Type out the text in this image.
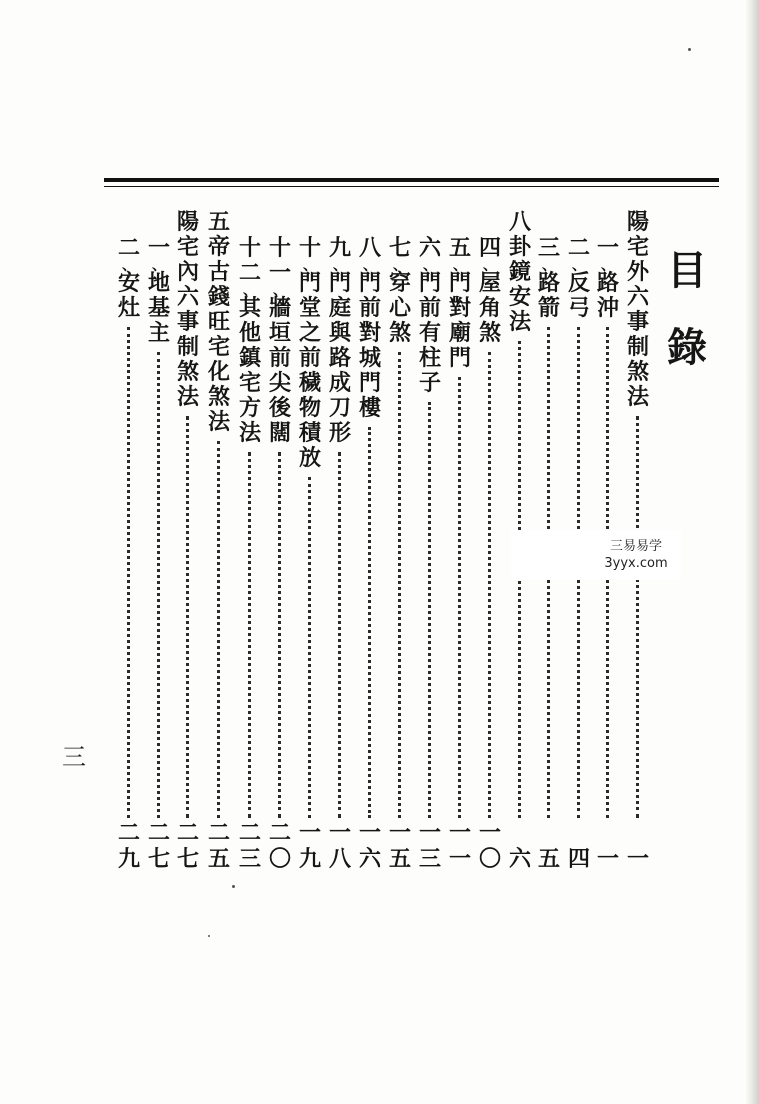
目
錄
陽
宅
外
六
事
制
煞
法
一
一
、
路
沖
一
二
、
反
弓
四
三
、
路
箭
五
八
卦
鏡
安
法
六
四
、
屋
角
煞
一
〇
五
、
門
對
廟
門
一
一
六
、
門
前
有
柱
子
一
三
七
、
穿
心
煞
一
五
八
、
門
前
對
城
門
樓
一
六
九
、
門
庭
與
路
成
刀
形
一
八
十
、
門
堂
之
前
穢
物
積
放
一
九
十
一
、
牆
垣
前
尖
後
闊
二
〇
十
二
、
其
他
鎮
宅
方
法
二
三
五
帝
古
錢
旺
宅
化
煞
法
二
五
陽
宅
內
六
事
制
煞
法
二
七
一
、
地
基
主
二
七
二
、
安
灶
二
九
三
三易易学
3yyx.com
